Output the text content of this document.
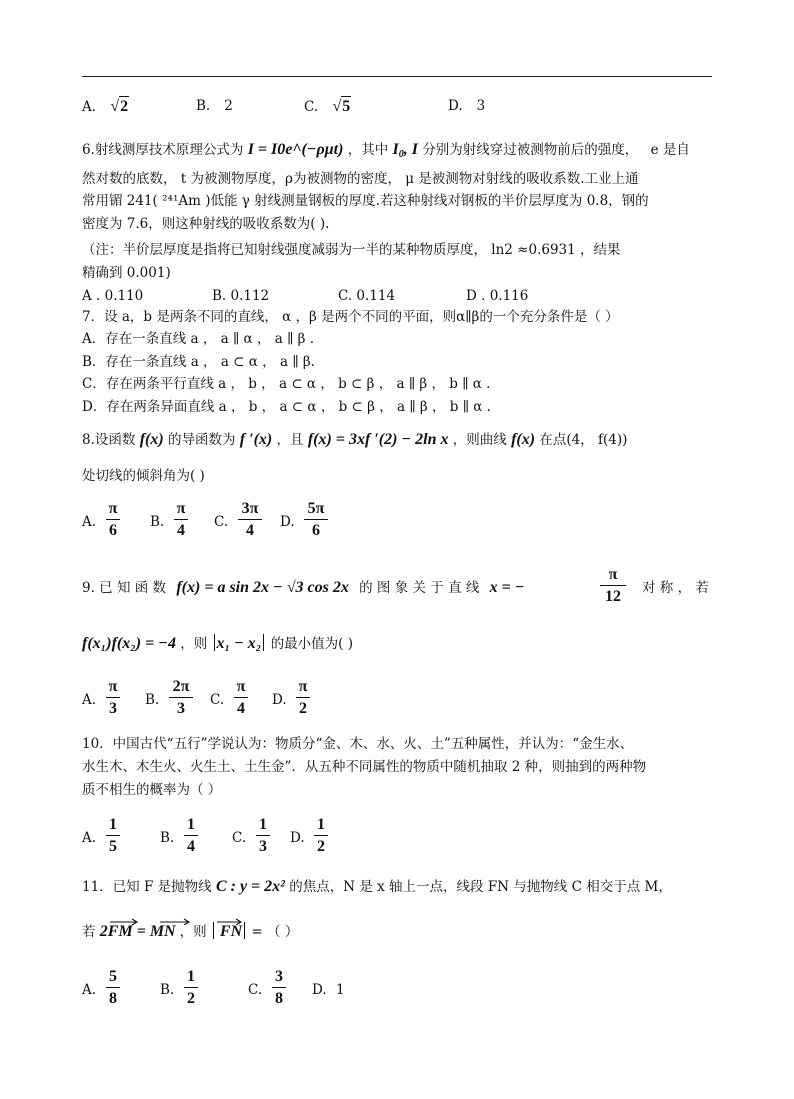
A. √2	B. 2	C. √5	D. 3
6.射线测厚技术原理公式为 I = I0e^(−ρμt) ，其中 $I_0$, I 分别为射线穿过被测物前后的强度， e 是自
然对数的底数， t 为被测物厚度，ρ为被测物的密度， μ 是被测物对射线的吸收系数.工业上通
常用镅 241( ²⁴¹Am )低能 γ 射线测量钢板的厚度.若这种射线对钢板的半价层厚度为 0.8，钢的
密度为 7.6，则这种射线的吸收系数为( ).
（注：半价层厚度是指将已知射线强度减弱为一半的某种物质厚度， ln2 ≈0.6931 ，结果
精确到 0.001)
A . 0.110	B. 0.112	C. 0.114	D . 0.116
7．设 a，b 是两条不同的直线， α ，β 是两个不同的平面，则α∥β的一个充分条件是（ ）
A．存在一条直线 a ， a ∥ α ， a ∥ β .
B．存在一条直线 a ， a ⊂ α ， a ∥ β.
C．存在两条平行直线 a ， b ， a ⊂ α ， b ⊂ β ， a ∥ β ， b ∥ α .
D．存在两条异面直线 a ， b ， a ⊂ α ， b ⊂ β ， a ∥ β ， b ∥ α .
8.设函数 f(x) 的导函数为 f ′(x) ，且 f(x) = 3xf ′(2) − 2ln x ，则曲线 f(x) 在点(4， f(4))
处切线的倾斜角为( )
A.
π
6 B.
π
4 C.
3π
4	D.
5π
6
9. 已 知 函 数 f(x) = a sin 2x − √3 cos 2x 的 图 象 关 于 直 线 x = −
π
12	对 称 ， 若
f(x₁)f(x₂) = −4 ，则 x₁ − x₂ 的最小值为( )
A.
π
3 B.
2π
3	C.
π
4 D.
π
2
10．中国古代“五行”学说认为：物质分“金、木、水、火、土”五种属性，并认为：“金生水、
水生木、木生火、火生土、土生金”．从五种不同属性的物质中随机抽取 2 种，则抽到的两种物
质不相生的概率为（ ）
A.
1
5	B.
1
4	C.
1
3 D.
1
2
11．已知 F 是抛物线 C : y = 2x² 的焦点，N 是 x 轴上一点，线段 FN 与抛物线 C 相交于点 M，
若 2FM = MN ，则 FN = （ ）
A.
5
8	B.
1
2	C.
3
8 D. 1
